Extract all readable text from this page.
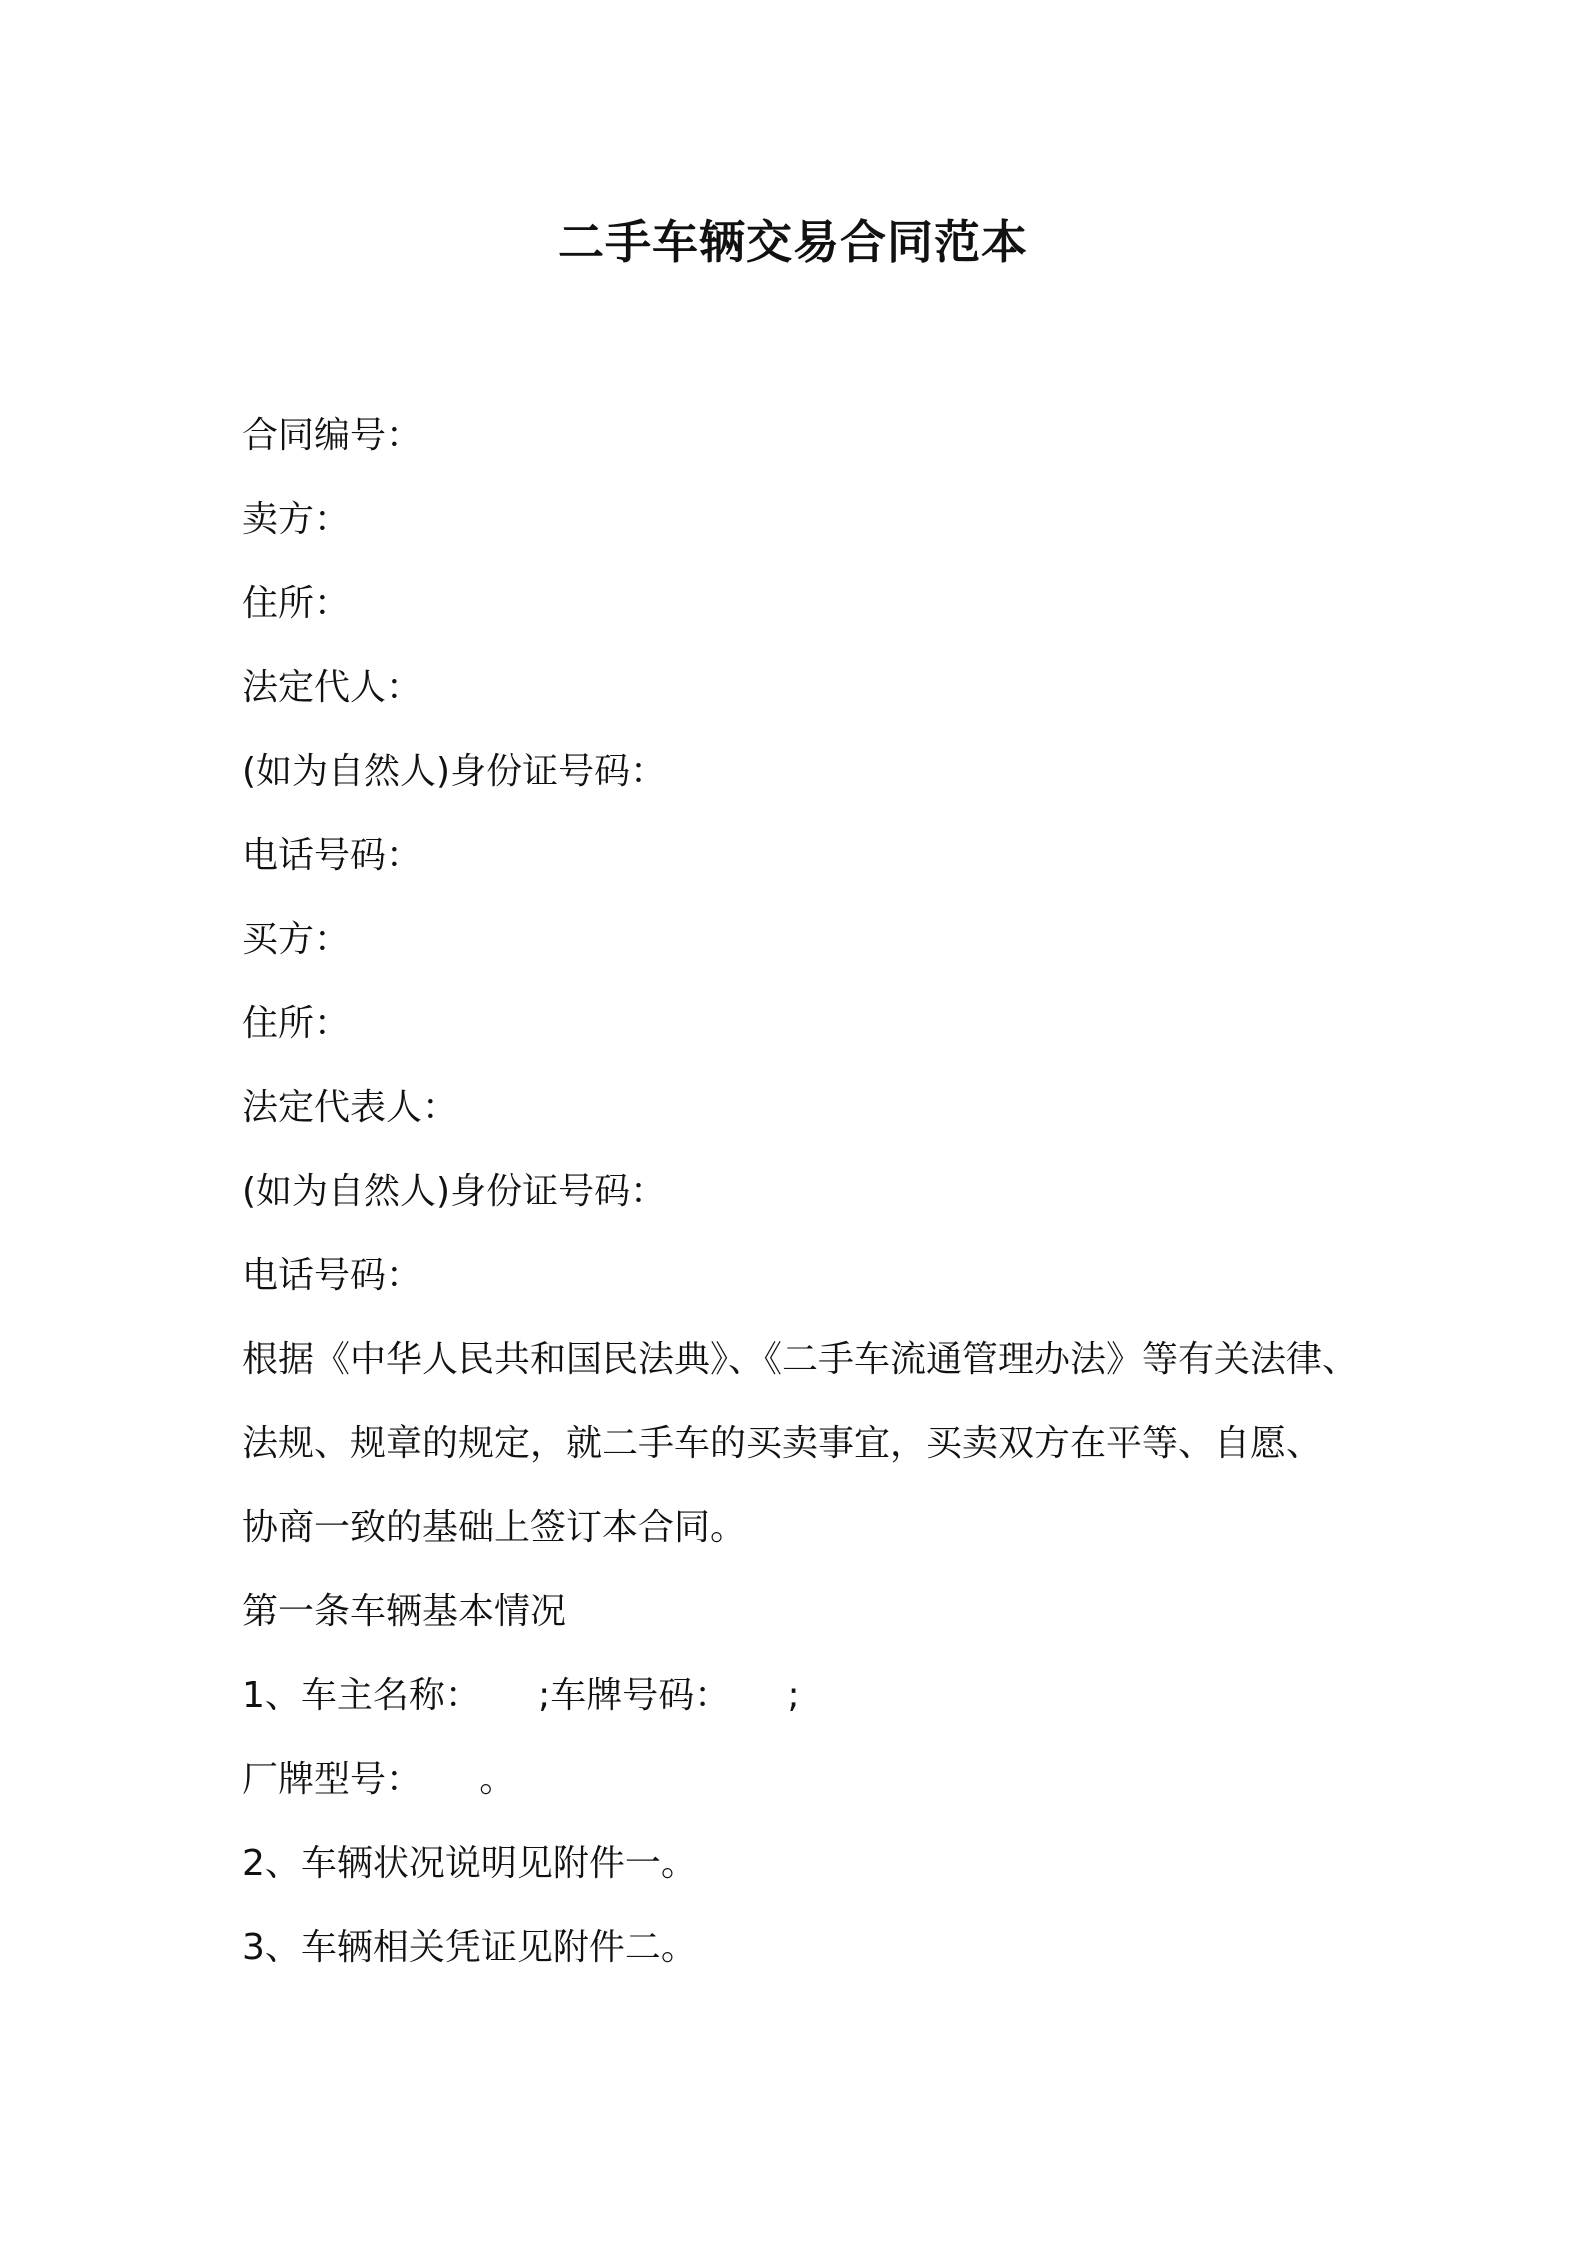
二手车辆交易合同范本

合同编号：

卖方：

住所：

法定代人：

(如为自然人)身份证号码：

电话号码：

买方：

住所：

法定代表人：

(如为自然人)身份证号码：

电话号码：

根据《中华人民共和国民法典》、《二手车流通管理办法》等有关法律、

法规、规章的规定，就二手车的买卖事宜，买卖双方在平等、自愿、

协商一致的基础上签订本合同。

第一条车辆基本情况

1、车主名称：     ;车牌号码：     ;

厂牌型号：     。

2、车辆状况说明见附件一。

3、车辆相关凭证见附件二。
